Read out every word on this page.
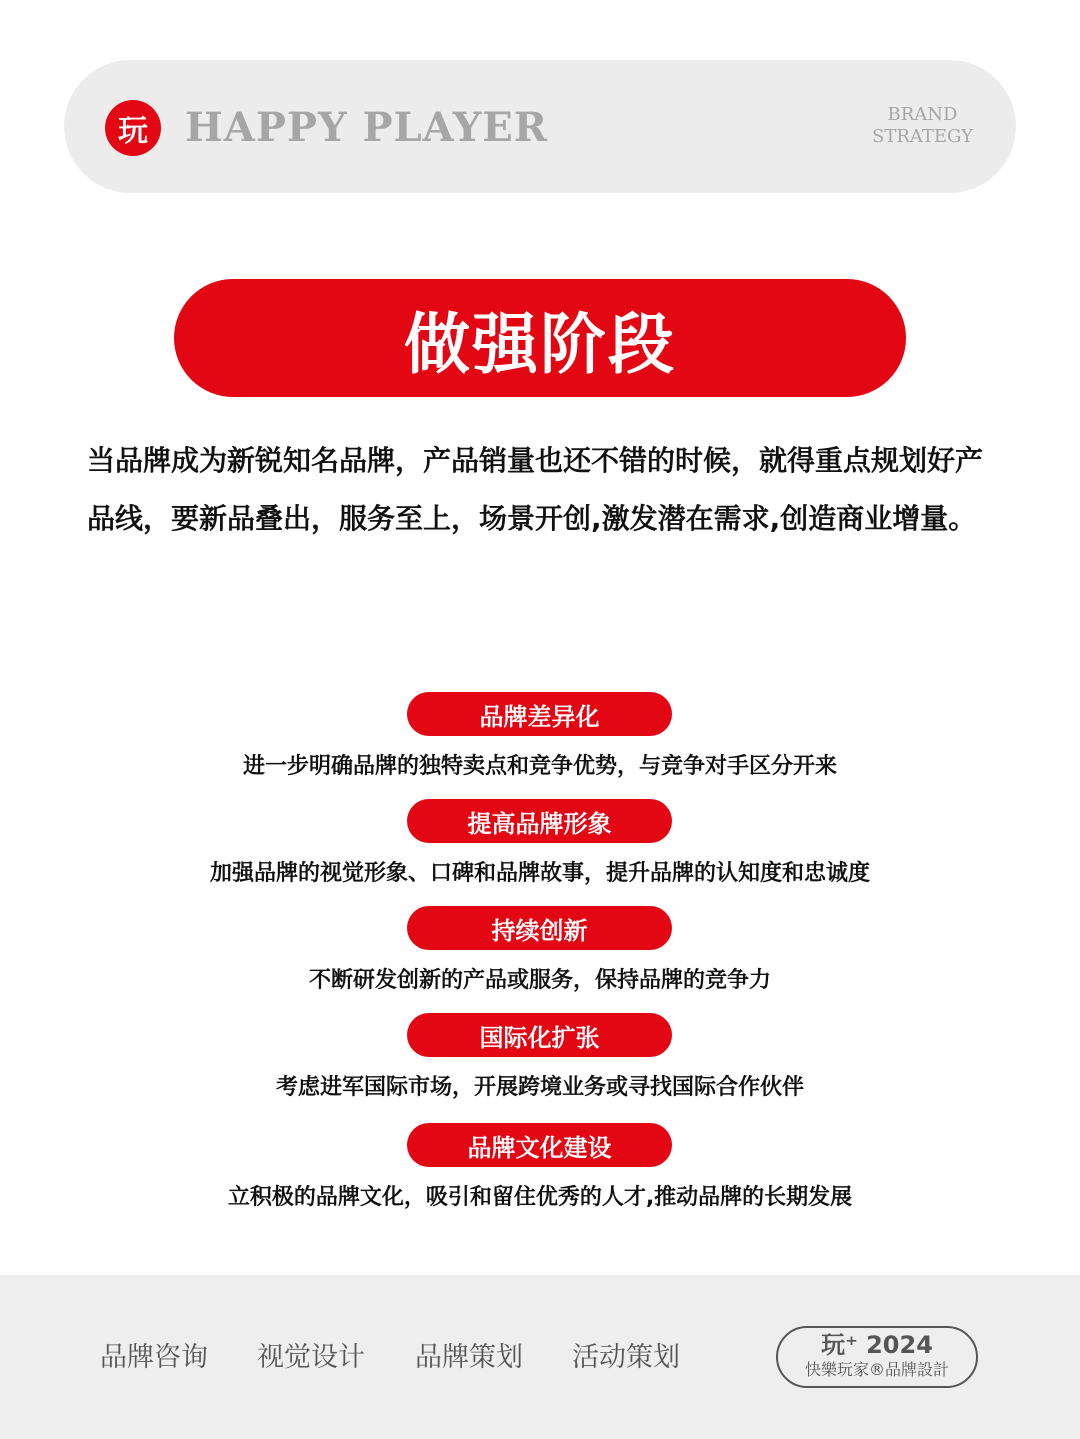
玩 HAPPY PLAYER	BRAND
STRATEGY
做强阶段

当品牌成为新锐知名品牌，产品销量也还不错的时候，就得重点规划好产品线，要新品叠出，服务至上，场景开创,激发潜在需求,创造商业增量。

品牌差异化
进一步明确品牌的独特卖点和竞争优势，与竞争对手区分开来
提高品牌形象
加强品牌的视觉形象、口碑和品牌故事，提升品牌的认知度和忠诚度
持续创新
不断研发创新的产品或服务，保持品牌的竞争力
国际化扩张
考虑进军国际市场，开展跨境业务或寻找国际合作伙伴
品牌文化建设
立积极的品牌文化，吸引和留住优秀的人才,推动品牌的长期发展
品牌咨询 视觉设计 品牌策划 活动策划	玩⁺ 2024
快樂玩家®品牌設計
